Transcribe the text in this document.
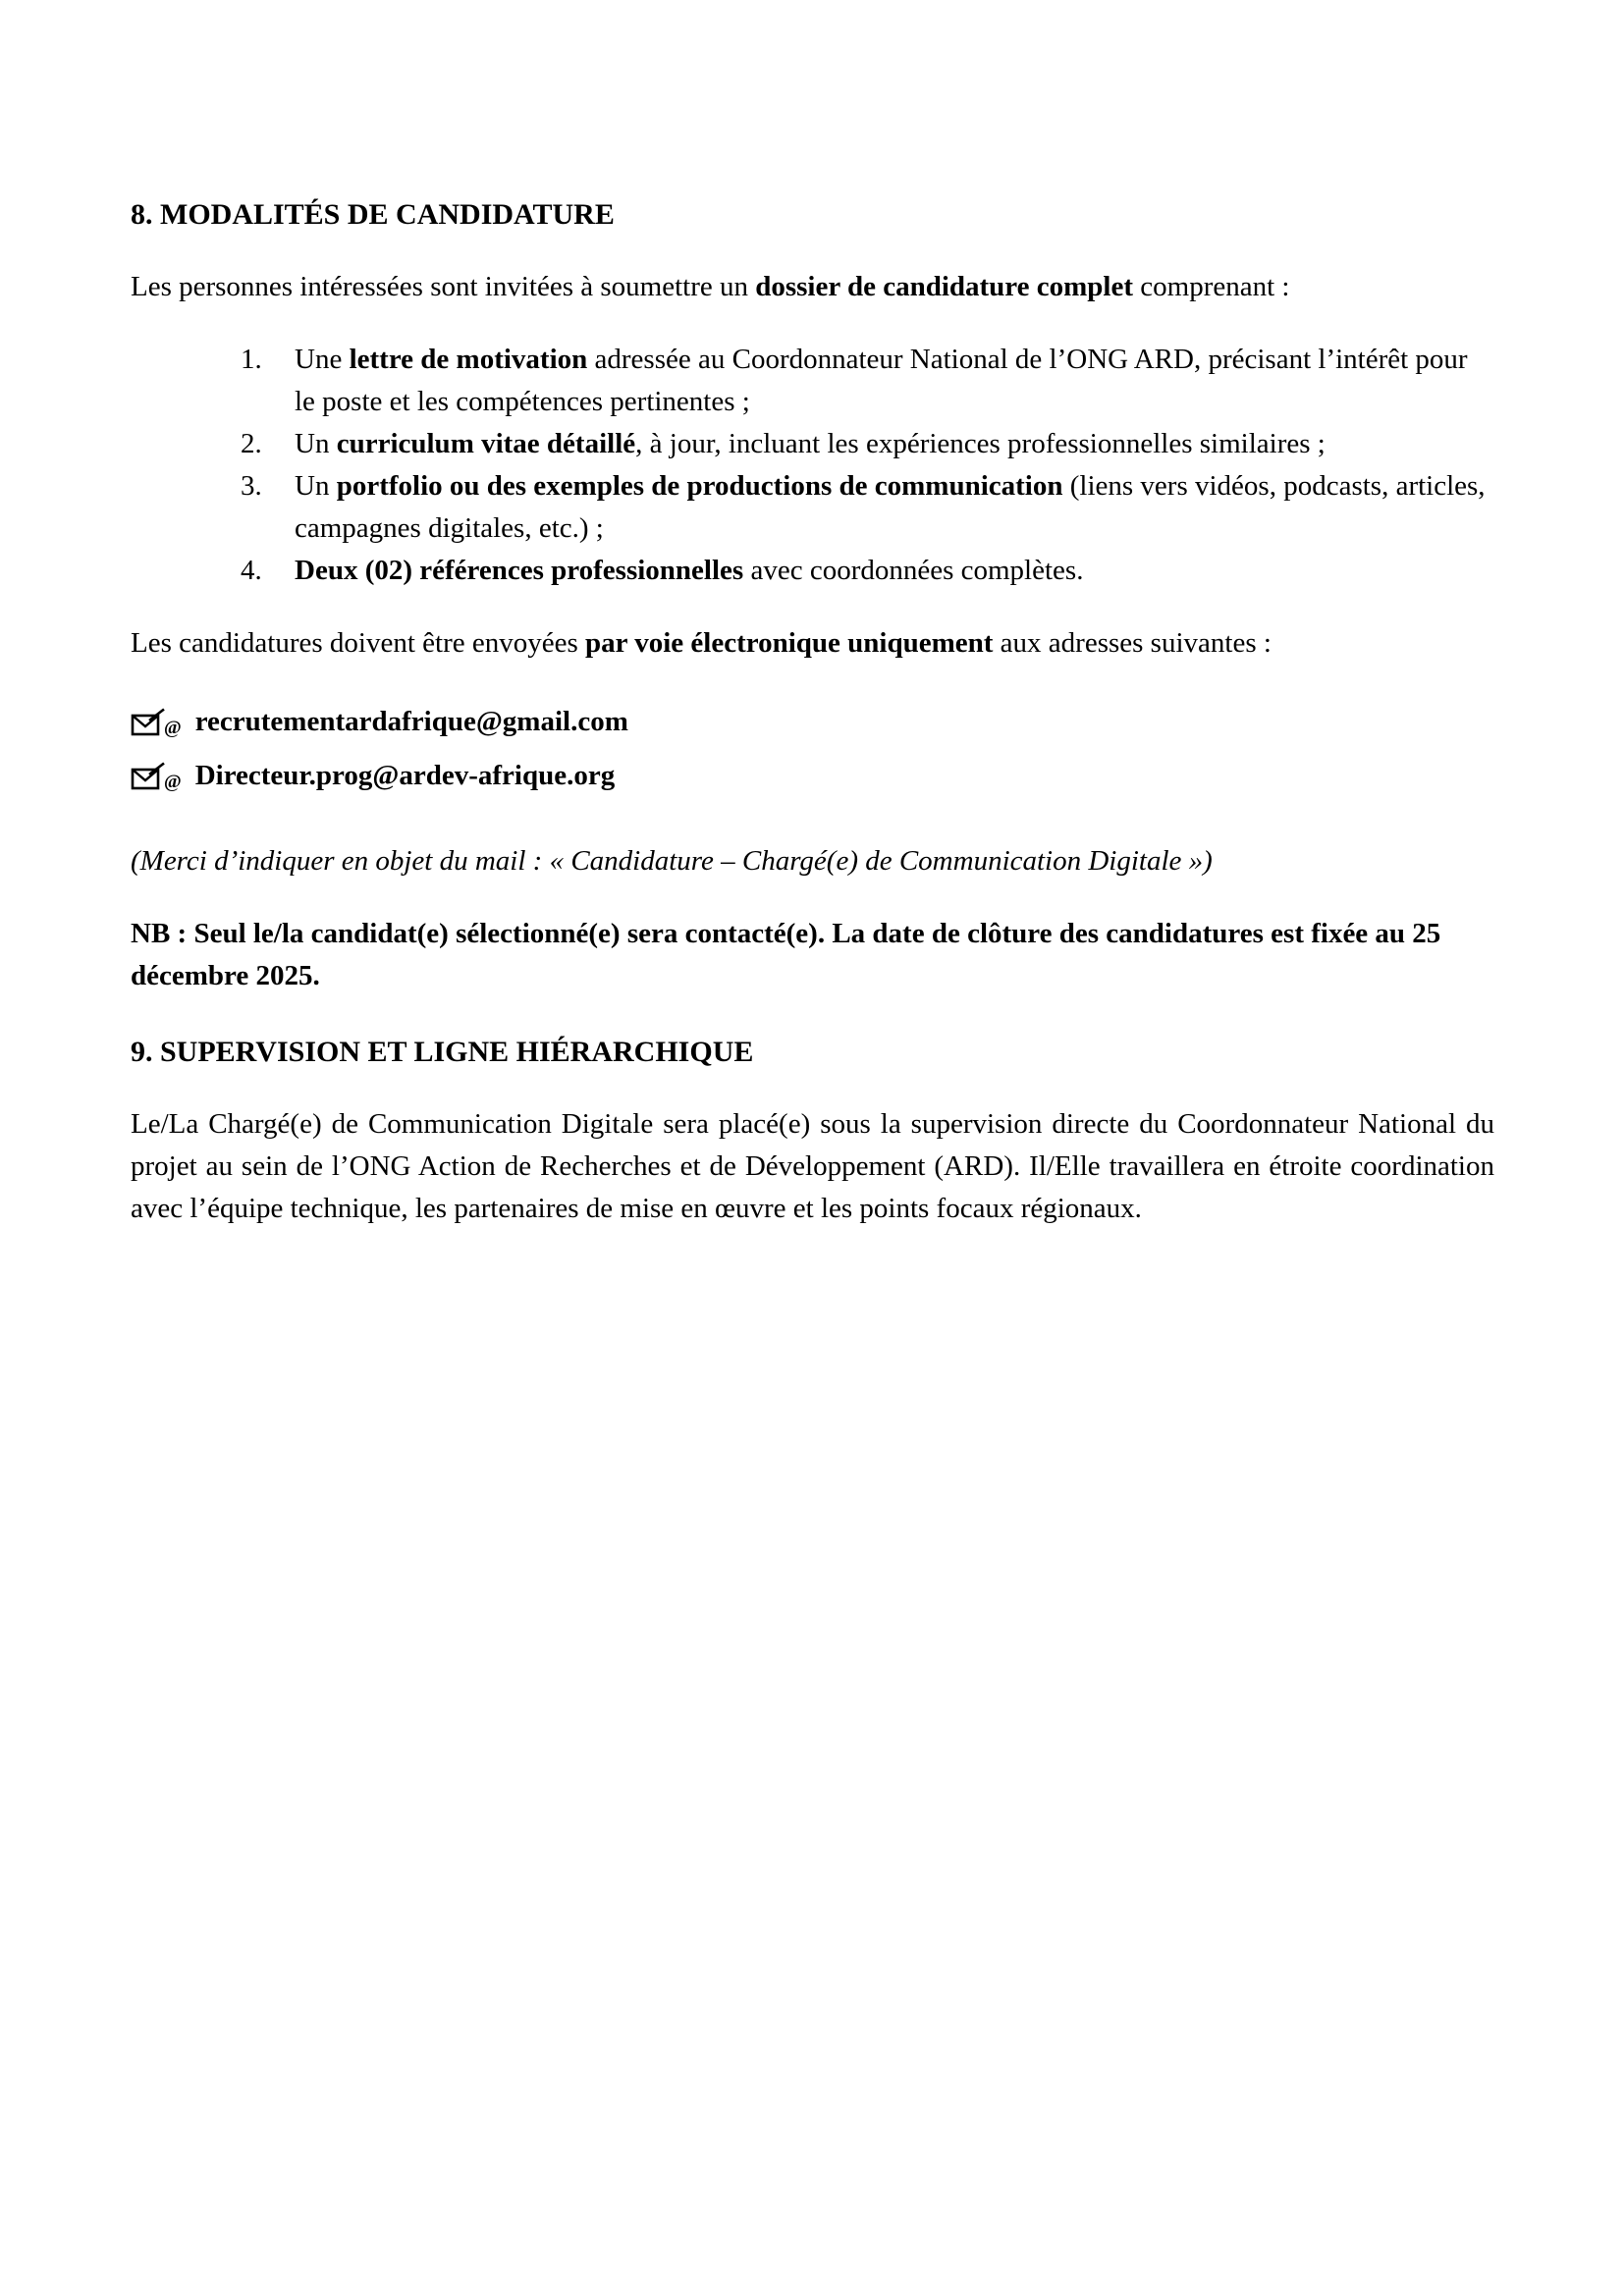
8. MODALITÉS DE CANDIDATURE

Les personnes intéressées sont invitées à soumettre un dossier de candidature complet comprenant :

Une lettre de motivation adressée au Coordonnateur National de l’ONG ARD, précisant l’intérêt pour le poste et les compétences pertinentes ;
Un curriculum vitae détaillé, à jour, incluant les expériences professionnelles similaires ;
Un portfolio ou des exemples de productions de communication (liens vers vidéos, podcasts, articles, campagnes digitales, etc.) ;
Deux (02) références professionnelles avec coordonnées complètes.

Les candidatures doivent être envoyées par voie électronique uniquement aux adresses suivantes :

@ recrutementardafrique@gmail.com
@ Directeur.prog@ardev-afrique.org

(Merci d’indiquer en objet du mail : « Candidature – Chargé(e) de Communication Digitale »)

NB : Seul le/la candidat(e) sélectionné(e) sera contacté(e). La date de clôture des candidatures est fixée au 25 décembre 2025.

9. SUPERVISION ET LIGNE HIÉRARCHIQUE

Le/La Chargé(e) de Communication Digitale sera placé(e) sous la supervision directe du Coordonnateur National du projet au sein de l’ONG Action de Recherches et de Développement (ARD). Il/Elle travaillera en étroite coordination avec l’équipe technique, les partenaires de mise en œuvre et les points focaux régionaux.
